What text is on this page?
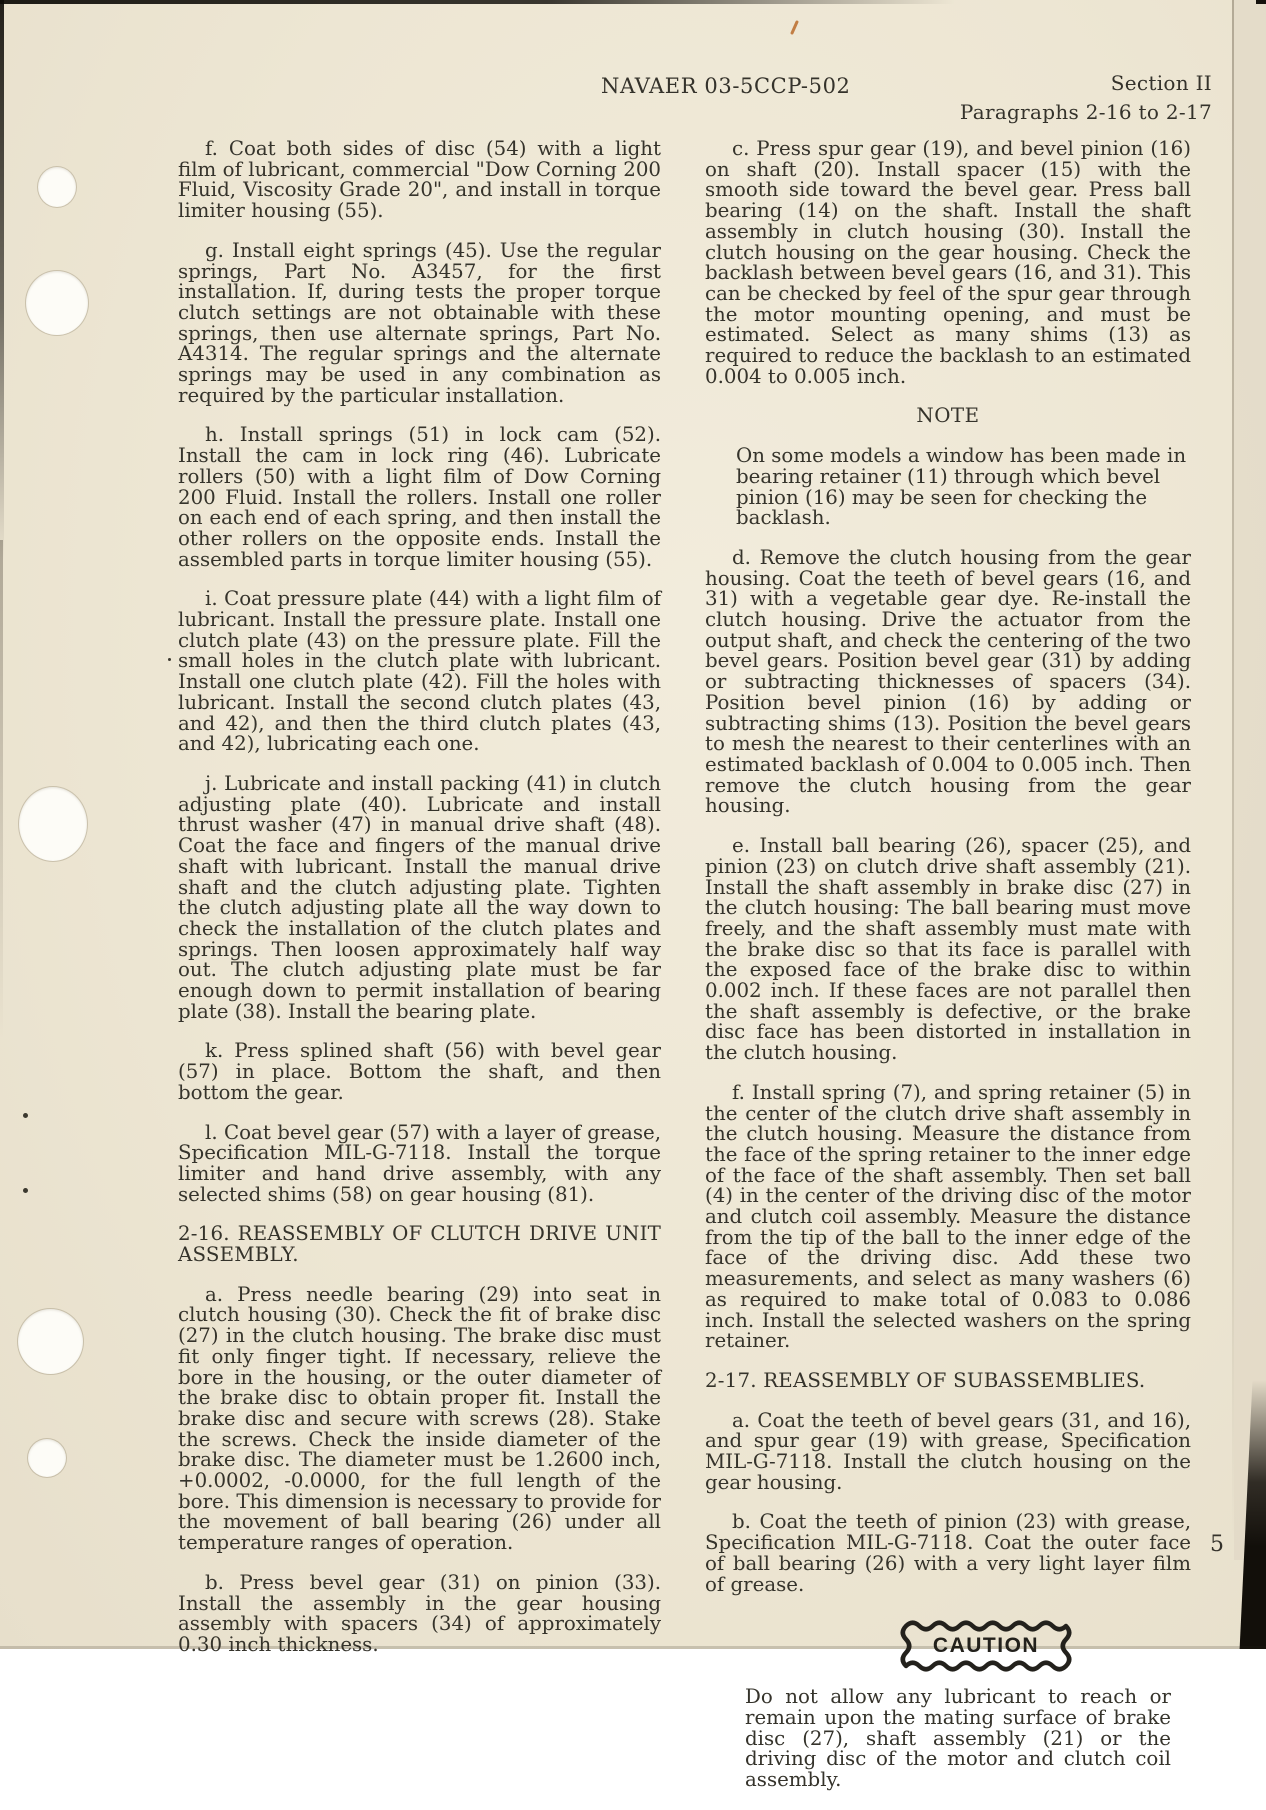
NAVAER 03-5CCP-502	Section II
Paragraphs 2-16 to 2-17

f. Coat both sides of disc (54) with a light film of lubricant, commercial "Dow Corning 200 Fluid, Viscosity Grade 20", and install in torque limiter housing (55).

g. Install eight springs (45). Use the regular springs, Part No. A3457, for the first installation. If, during tests the proper torque clutch settings are not obtainable with these springs, then use alternate springs, Part No. A4314. The regular springs and the alternate springs may be used in any combination as required by the particular installation.

h. Install springs (51) in lock cam (52). Install the cam in lock ring (46). Lubricate rollers (50) with a light film of Dow Corning 200 Fluid. Install the rollers. Install one roller on each end of each spring, and then install the other rollers on the opposite ends. Install the assembled parts in torque limiter housing (55).

i. Coat pressure plate (44) with a light film of lubricant. Install the pressure plate. Install one clutch plate (43) on the pressure plate. Fill the small holes in the clutch plate with lubricant. Install one clutch plate (42). Fill the holes with lubricant. Install the second clutch plates (43, and 42), and then the third clutch plates (43, and 42), lubricating each one.

j. Lubricate and install packing (41) in clutch adjusting plate (40). Lubricate and install thrust washer (47) in manual drive shaft (48). Coat the face and fingers of the manual drive shaft with lubricant. Install the manual drive shaft and the clutch adjusting plate. Tighten the clutch adjusting plate all the way down to check the installation of the clutch plates and springs. Then loosen approximately half way out. The clutch adjusting plate must be far enough down to permit installation of bearing plate (38). Install the bearing plate.

k. Press splined shaft (56) with bevel gear (57) in place. Bottom the shaft, and then bottom the gear.

l. Coat bevel gear (57) with a layer of grease, Specification MIL-G-7118. Install the torque limiter and hand drive assembly, with any selected shims (58) on gear housing (81).

2-16. REASSEMBLY OF CLUTCH DRIVE UNIT ASSEMBLY.

a. Press needle bearing (29) into seat in clutch housing (30). Check the fit of brake disc (27) in the clutch housing. The brake disc must fit only finger tight. If necessary, relieve the bore in the housing, or the outer diameter of the brake disc to obtain proper fit. Install the brake disc and secure with screws (28). Stake the screws. Check the inside diameter of the brake disc. The diameter must be 1.2600 inch, +0.0002, -0.0000, for the full length of the bore. This dimension is necessary to provide for the movement of ball bearing (26) under all temperature ranges of operation.

b. Press bevel gear (31) on pinion (33). Install the assembly in the gear housing assembly with spacers (34) of approximately 0.30 inch thickness.

c. Press spur gear (19), and bevel pinion (16) on shaft (20). Install spacer (15) with the smooth side toward the bevel gear. Press ball bearing (14) on the shaft. Install the shaft assembly in clutch housing (30). Install the clutch housing on the gear housing. Check the backlash between bevel gears (16, and 31). This can be checked by feel of the spur gear through the motor mounting opening, and must be estimated. Select as many shims (13) as required to reduce the backlash to an estimated 0.004 to 0.005 inch.

NOTE

On some models a window has been made in bearing retainer (11) through which bevel pinion (16) may be seen for checking the backlash.

d. Remove the clutch housing from the gear housing. Coat the teeth of bevel gears (16, and 31) with a vegetable gear dye. Re-install the clutch housing. Drive the actuator from the output shaft, and check the centering of the two bevel gears. Position bevel gear (31) by adding or subtracting thicknesses of spacers (34). Position bevel pinion (16) by adding or subtracting shims (13). Position the bevel gears to mesh the nearest to their centerlines with an estimated backlash of 0.004 to 0.005 inch. Then remove the clutch housing from the gear housing.

e. Install ball bearing (26), spacer (25), and pinion (23) on clutch drive shaft assembly (21). Install the shaft assembly in brake disc (27) in the clutch housing: The ball bearing must move freely, and the shaft assembly must mate with the brake disc so that its face is parallel with the exposed face of the brake disc to within 0.002 inch. If these faces are not parallel then the shaft assembly is defective, or the brake disc face has been distorted in installation in the clutch housing.

f. Install spring (7), and spring retainer (5) in the center of the clutch drive shaft assembly in the clutch housing. Measure the distance from the face of the spring retainer to the inner edge of the face of the shaft assembly. Then set ball (4) in the center of the driving disc of the motor and clutch coil assembly. Measure the distance from the tip of the ball to the inner edge of the face of the driving disc. Add these two measurements, and select as many washers (6) as required to make total of 0.083 to 0.086 inch. Install the selected washers on the spring retainer.

2-17. REASSEMBLY OF SUBASSEMBLIES.

a. Coat the teeth of bevel gears (31, and 16), and spur gear (19) with grease, Specification MIL-G-7118. Install the clutch housing on the gear housing.

b. Coat the teeth of pinion (23) with grease, Specification MIL-G-7118. Coat the outer face of ball bearing (26) with a very light layer film of grease.

CAUTION

Do not allow any lubricant to reach or remain upon the mating surface of brake disc (27), shaft assembly (21) or the driving disc of the motor and clutch coil assembly.

5
